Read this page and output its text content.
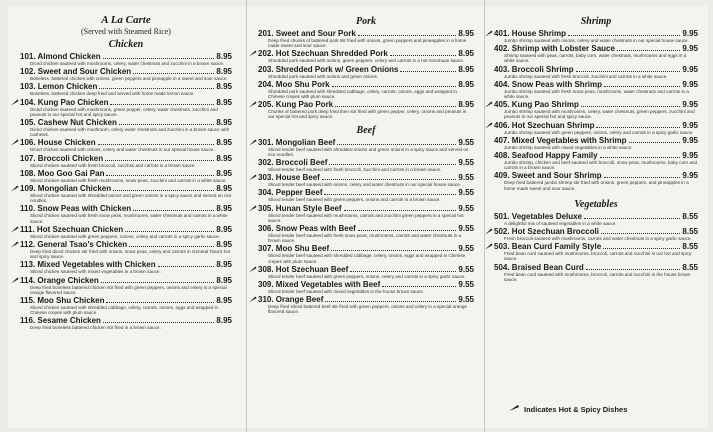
A La Carte

(Served with Steamed Rice)

Chicken

101. Almond Chicken	8.95

Diced chicken sauteed with mushrooms, celery, water chestnuts and zucchini in a brown sauce.

102. Sweet and Sour Chicken	8.95

Boneless, battered chicken with onions, green peppers and pineapple in a sweet and sour sauce.

103. Lemon Chicken	8.95

Boneless, battered chicken deep fried and served with home made lemon sauce.

104. Kung Pao Chicken	8.95

Diced chicken sauteed with mushrooms, green pepper, celery, water chestnuts, zucchini and peanuts in our special hot and spicy sauce.

105. Cashew Nut Chicken	8.95

Diced chicken sauteed with mushroom, celery water chestnuts and zucchini in a brown sauce with cashews.

106. House Chicken	8.95

Diced chicken sauteed with onions, celery and water chestnuts in our special house sauce.

107. Broccoli Chicken	8.95

Sliced chicken sauteed with fresh broccoli, zucchini and carrots in a brown sauce.

108. Moo Goo Gai Pan	8.95

Sliced chicken sauteed with fresh mushrooms, snow peas, zucchini and carrots in a white sauce.

109. Mongolian Chicken	8.95

Sliced chicken sauteed with shredded onions and green onions in a spicy sauce and served on rice noodles.

110. Snow Peas with Chicken	8.95

Sliced chicken sauteed with fresh snow peas, mushrooms, water chestnuts and carrots in a white sauce.

111. Hot Szechuan Chicken	8.95

Sliced chicken sauteed with green peppers, onions, celery and carrots in a spicy garlic sauce.

112. General Tsao's Chicken	8.95

Deep fried diced chicken stir fried with onions, snow peas, celery and carrots in General Tsao's hot and spicy sauce.

113. Mixed Vegetables with Chicken	8.95

Sliced chicken sauteed with mixed vegetables in a brown sauce.

114. Orange Chicken	8.95

Deep fried boneless battered chicken stir fried with green peppers, onions and celery in a special orange flavored sauce.

115. Moo Shu Chicken	8.95

Sliced chicken sauteed with shredded cabbage, celery, carrots, onions, eggs and wrapped in Chinese crepes with plum sauce.

116. Sesame Chicken	8.95

Deep fried boneless battered chicken stir fried in a brown sauce.

Pork

201. Sweet and Sour Pork	8.95

Deep fried chunks of battered pork stir fried with onions, green peppers and pineapples in a home made sweet and sour sauce.

202. Hot Szechuan Shredded Pork	8.95

Shredded pork sauteed with onions, green peppers, celery and carrots in a hot Szechuan sauce.

203. Shredded Pork w/ Green Onions	8.95

Shredded pork sauteed with onions and green onions.

204. Moo Shu Pork	8.95

Shredded pork sauteed with shredded cabbage, celery, carrots, onions, eggs and wrapped in Chinese crepes with plum sauce.

205. Kung Pao Pork	8.95

Chunks of battered pork deep fried then stir fried with green pepper, celery, onions and peanuts in our special hot and spicy sauce.

Beef

301. Mongolian Beef	9.55

Sliced tender beef sauteed with shredded onions and green onions in a spicy sauce and served on rice noodles.

302. Broccoli Beef	9.55

Sliced tender beef sauteed with fresh broccoli, zucchini and carrots in a brown sauce.

303. House Beef	9.55

Sliced tender beef sauteed with onions, celery and water chestnuts in our special house sauce.

304. Pepper Beef	9.55

Sliced tender beef sauteed with green peppers, onions and carrots in a brown sauce.

305. Hunan Style Beef	9.55

Sliced tender beef sauteed with mushrooms, carrots and zucchini green peppers in a special hot sauce.

306. Snow Peas with Beef	9.55

Sliced tender beef sauteed with fresh snow peas, mushrooms, carrots and water chestnuts in a brown sauce.

307. Moo Shu Beef	9.55

Sliced tender beef sauteed with shredded cabbage, celery, onions, eggs and wrapped in Chinese crepes with plum sauce.

308. Hot Szechuan Beef	9.55

Sliced tender beef sauteed with green peppers, onions, celery and carrots in a spicy garlic sauce.

309. Mixed Vegetables with Beef	9.55

Sliced tender beef sauteed with mixed vegetables in the house brown sauce.

310. Orange Beef	9.55

Deep fried sliced battered beef stir fried with green peppers, onions and celery in a special orange flavored sauce.

Shrimp

401. House Shrimp	9.95

Jumbo shrimp sauteed with onions, celery and water chestnuts in our special house sauce.

402. Shrimp with Lobster Sauce	9.95

Shrimp sauteed with peas, carrots, baby corn, water chestnuts, mushrooms and eggs in a white sauce.

403. Broccoli Shrimp	9.95

Jumbo shrimp sauteed with fresh broccoli, zucchini and carrots in a white sauce.

404. Snow Peas with Shrimp	9.95

Jumbo shrimp sauteed with fresh snow peas, mushrooms, water chestnuts and carrots in a white sauce.

405. Kung Pao Shrimp	9.95

Jumbo shrimp sauteed with mushrooms, celery, water chestnuts, green peppers, zucchini and peanuts in our special hot and spicy sauce.

406. Hot Szechuan Shrimp	9.95

Jumbo shrimp sauteed with green peppers, onions, celery and carrots in a spicy garlic sauce.

407. Mixed Vegetables with Shrimp	9.95

Jumbo shrimp sauteed with mixed vegetables in a white sauce.

408. Seafood Happy Family	9.95

Jumbo shrimp, chicken and beef sauteed with broccoli, snow peas, mushrooms, baby corn and carrots in a brown sauce.

409. Sweet and Sour Shrimp	9.95

Deep fried battered jumbo shrimp stir fried with onions, green peppers, and pineapples in a home made sweet and sour sauce.

Vegetables

501. Vegetables Deluxe	8.55

A delightful mix of sauteed vegetables in a white sauce.

502. Hot Szechuan Broccoli	8.55

Fresh broccoli sauteed with mushrooms, carrots and water chestnuts in a spicy garlic sauce.

503. Bean Curd Family Style	8.55

Fried bean curd sauteed with mushrooms, broccoli, carrots and zucchini in our hot and spicy sauce.

504. Braised Bean Curd	8.55

Fried bean curd sauteed with mushrooms, broccoli, carrots and zucchini in the house brown sauce.

Indicates Hot & Spicy Dishes
